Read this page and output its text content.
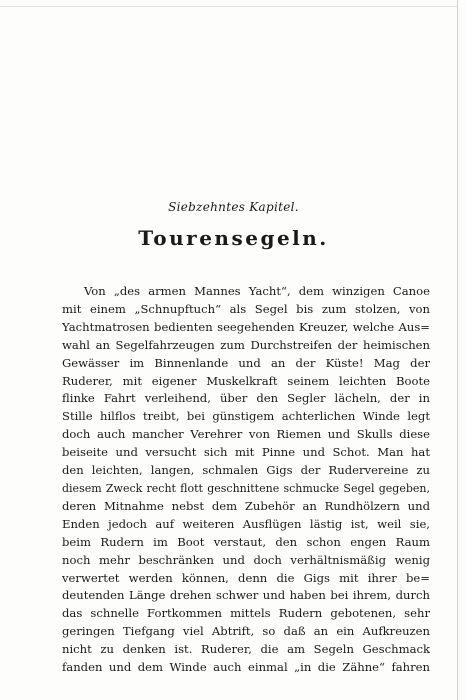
Siebzehntes Kapitel.
Tourensegeln.
Von „des armen Mannes Yacht“, dem winzigen Canoe
mit einem „Schnupftuch“ als Segel bis zum stolzen, von
Yachtmatrosen bedienten seegehenden Kreuzer, welche Aus=
wahl an Segelfahrzeugen zum Durchstreifen der heimischen
Gewässer im Binnenlande und an der Küste! Mag der
Ruderer, mit eigener Muskelkraft seinem leichten Boote
flinke Fahrt verleihend, über den Segler lächeln, der in
Stille hilflos treibt, bei günstigem achterlichen Winde legt
doch auch mancher Verehrer von Riemen und Skulls diese
beiseite und versucht sich mit Pinne und Schot. Man hat
den leichten, langen, schmalen Gigs der Rudervereine zu
diesem Zweck recht flott geschnittene schmucke Segel gegeben,
deren Mitnahme nebst dem Zubehör an Rundhölzern und
Enden jedoch auf weiteren Ausflügen lästig ist, weil sie,
beim Rudern im Boot verstaut, den schon engen Raum
noch mehr beschränken und doch verhältnismäßig wenig
verwertet werden können, denn die Gigs mit ihrer be=
deutenden Länge drehen schwer und haben bei ihrem, durch
das schnelle Fortkommen mittels Rudern gebotenen, sehr
geringen Tiefgang viel Abtrift, so daß an ein Aufkreuzen
nicht zu denken ist. Ruderer, die am Segeln Geschmack
fanden und dem Winde auch einmal „in die Zähne“ fahren
